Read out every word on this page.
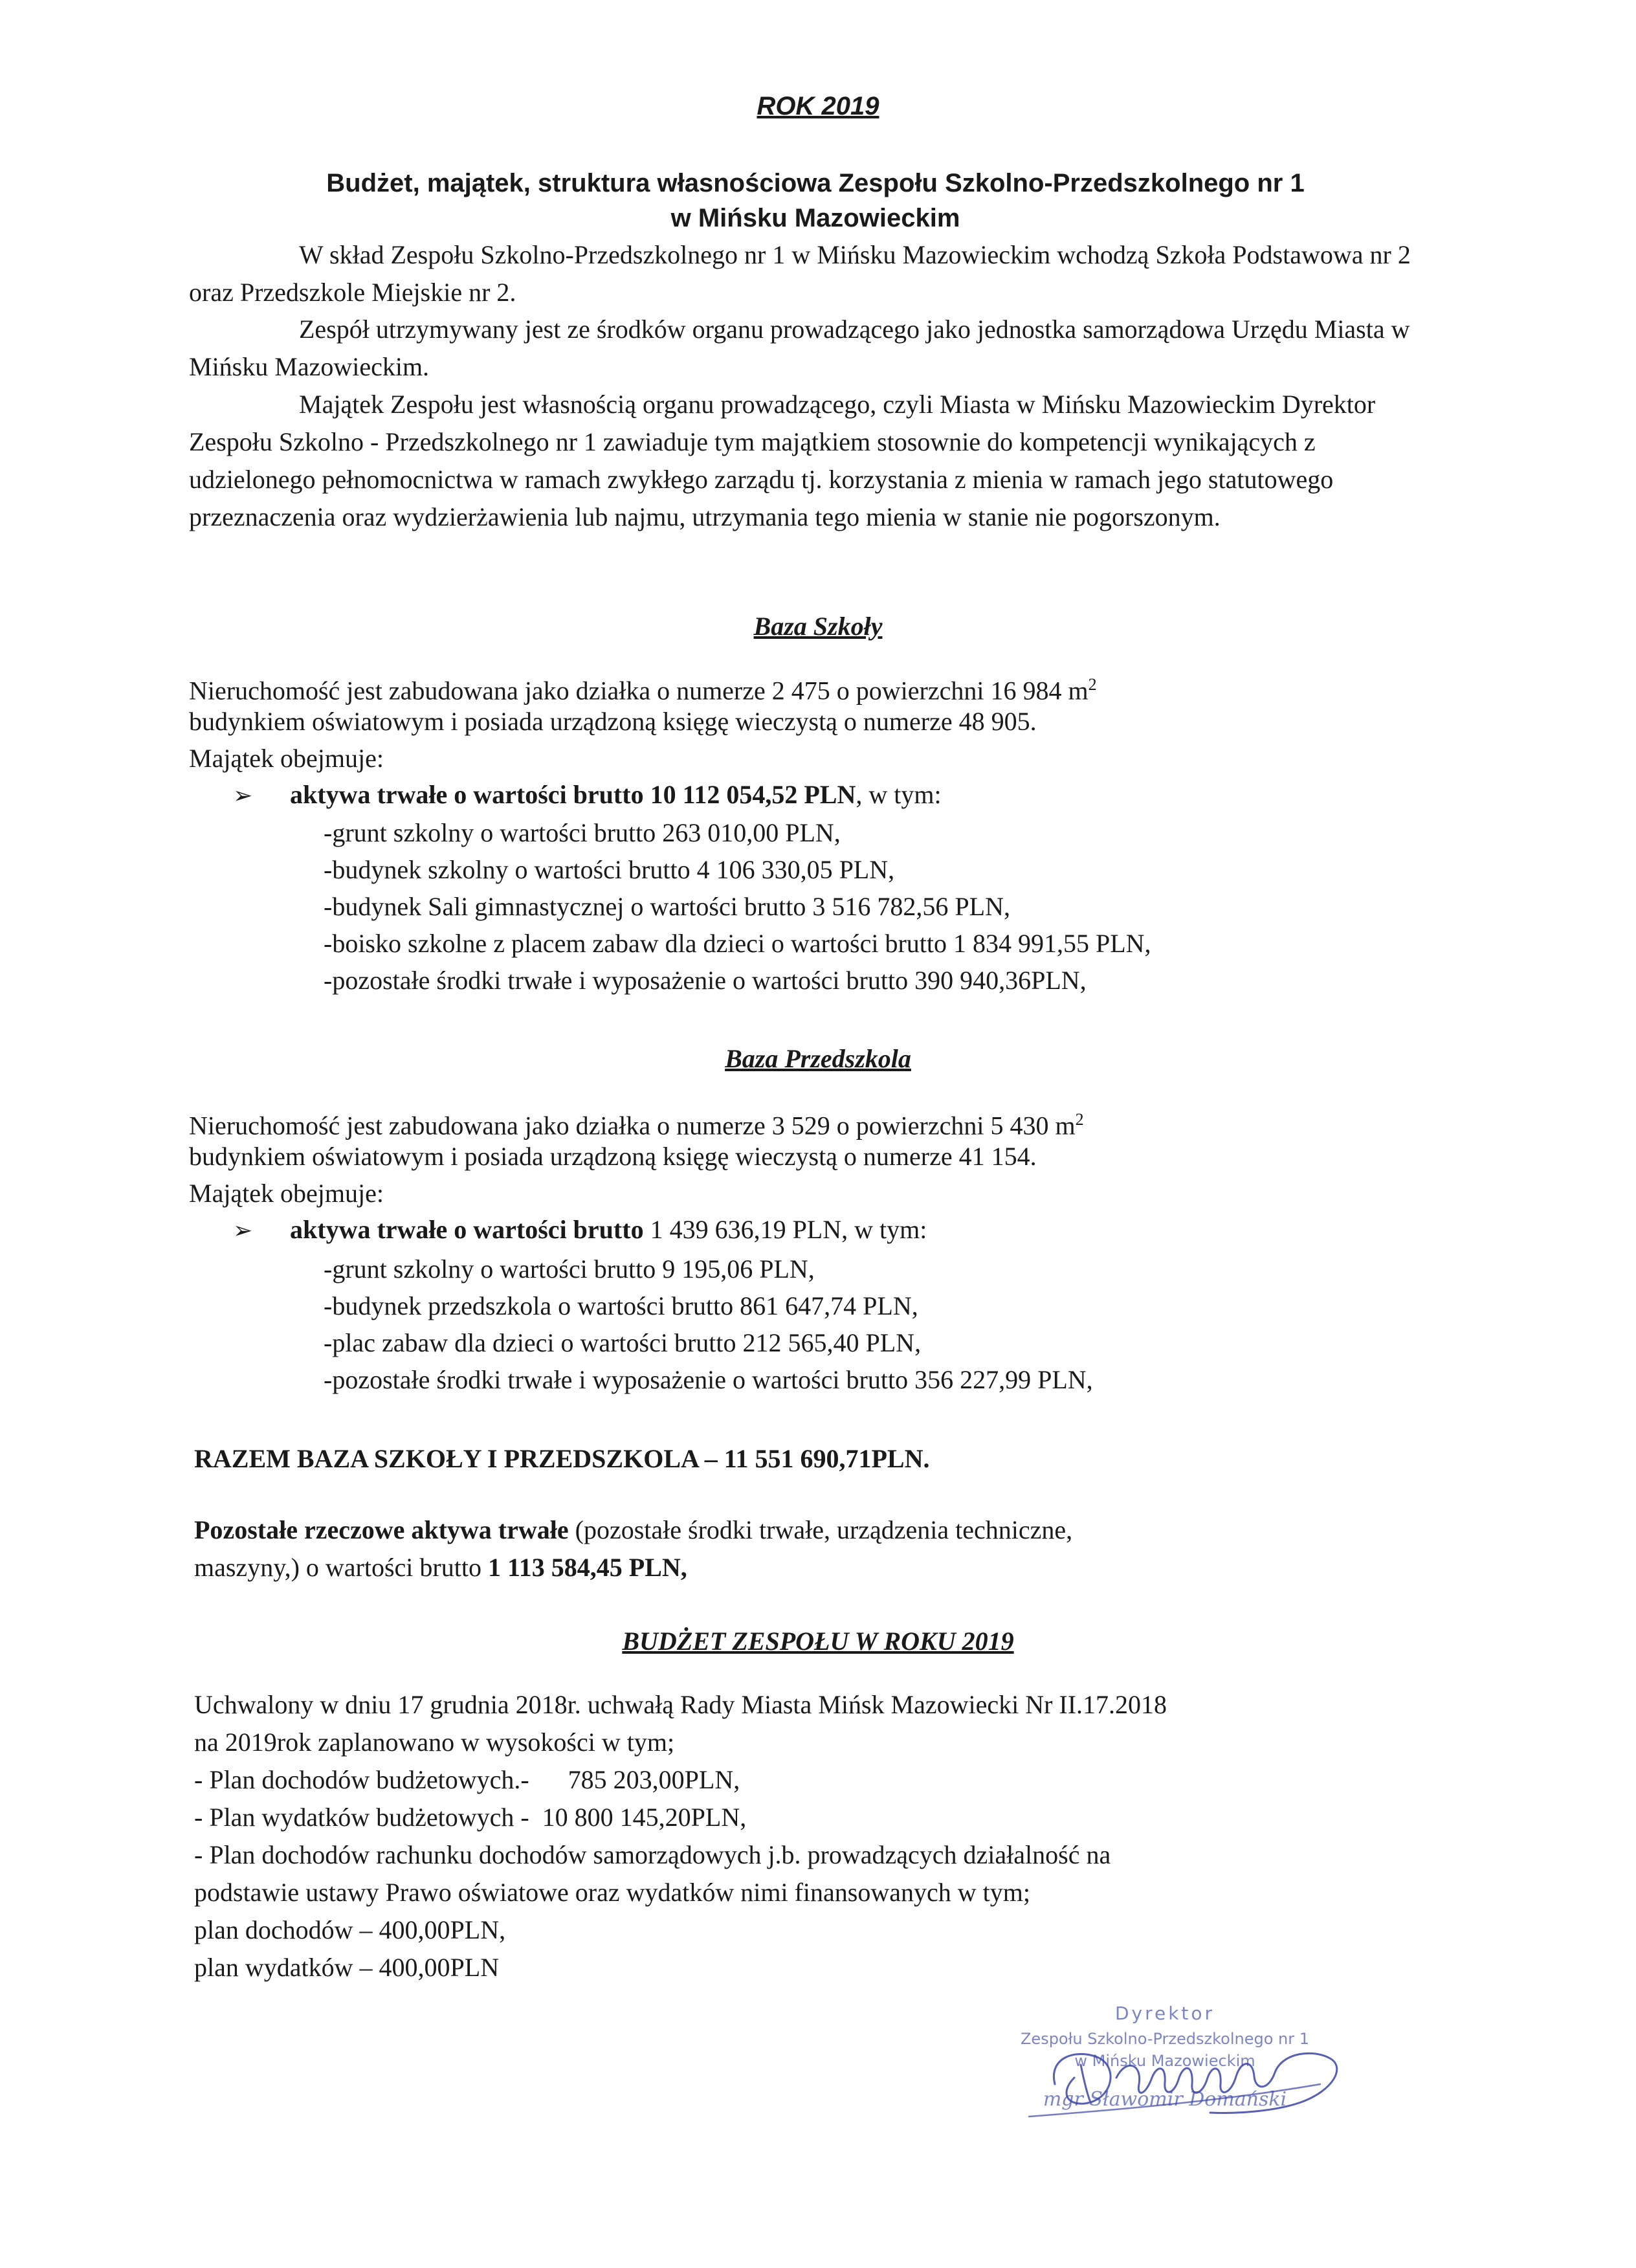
ROK 2019
Budżet, majątek, struktura własnościowa Zespołu Szkolno-Przedszkolnego nr 1
w Mińsku Mazowieckim

W skład Zespołu Szkolno-Przedszkolnego nr 1 w Mińsku Mazowieckim wchodzą Szkoła Podstawowa nr 2 oraz Przedszkole Miejskie nr 2.

Zespół utrzymywany jest ze środków organu prowadzącego jako jednostka samorządowa Urzędu Miasta w Mińsku Mazowieckim.

Majątek Zespołu jest własnością organu prowadzącego, czyli Miasta w Mińsku Mazowieckim Dyrektor Zespołu Szkolno - Przedszkolnego nr 1 zawiaduje tym majątkiem stosownie do kompetencji wynikających z udzielonego pełnomocnictwa w ramach zwykłego zarządu tj. korzystania z mienia w ramach jego statutowego przeznaczenia oraz wydzierżawienia lub najmu, utrzymania tego mienia w stanie nie pogorszonym.

Baza Szkoły
Nieruchomość jest zabudowana jako działka o numerze 2 475 o powierzchni 16 984 $m^2$
budynkiem oświatowym i posiada urządzoną księgę wieczystą o numerze 48 905.
Majątek obejmuje:
➢ aktywa trwałe o wartości brutto 10 112 054,52 PLN, w tym:
-grunt szkolny o wartości brutto 263 010,00 PLN,
-budynek szkolny o wartości brutto 4 106 330,05 PLN,
-budynek Sali gimnastycznej o wartości brutto 3 516 782,56 PLN,
-boisko szkolne z placem zabaw dla dzieci o wartości brutto 1 834 991,55 PLN,
-pozostałe środki trwałe i wyposażenie o wartości brutto 390 940,36PLN,
Baza Przedszkola
Nieruchomość jest zabudowana jako działka o numerze 3 529 o powierzchni 5 430 $m^2$
budynkiem oświatowym i posiada urządzoną księgę wieczystą o numerze 41 154.
Majątek obejmuje:
➢ aktywa trwałe o wartości brutto 1 439 636,19 PLN, w tym:
-grunt szkolny o wartości brutto 9 195,06 PLN,
-budynek przedszkola o wartości brutto 861 647,74 PLN,
-plac zabaw dla dzieci o wartości brutto 212 565,40 PLN,
-pozostałe środki trwałe i wyposażenie o wartości brutto 356 227,99 PLN,
RAZEM BAZA SZKOŁY I PRZEDSZKOLA – 11 551 690,71PLN.
Pozostałe rzeczowe aktywa trwałe (pozostałe środki trwałe, urządzenia techniczne,
maszyny,) o wartości brutto 1 113 584,45 PLN,
BUDŻET ZESPOŁU W ROKU 2019
Uchwalony w dniu 17 grudnia 2018r. uchwałą Rady Miasta Mińsk Mazowiecki Nr II.17.2018
na 2019rok zaplanowano w wysokości w tym;
- Plan dochodów budżetowych.-      785 203,00PLN,
- Plan wydatków budżetowych -  10 800 145,20PLN,
- Plan dochodów rachunku dochodów samorządowych j.b. prowadzących działalność na
podstawie ustawy Prawo oświatowe oraz wydatków nimi finansowanych w tym;
plan dochodów – 400,00PLN,
plan wydatków – 400,00PLN
Dyrektor
Zespołu Szkolno-Przedszkolnego nr 1
w Mińsku Mazowieckim
mgr Sławomir Domański
